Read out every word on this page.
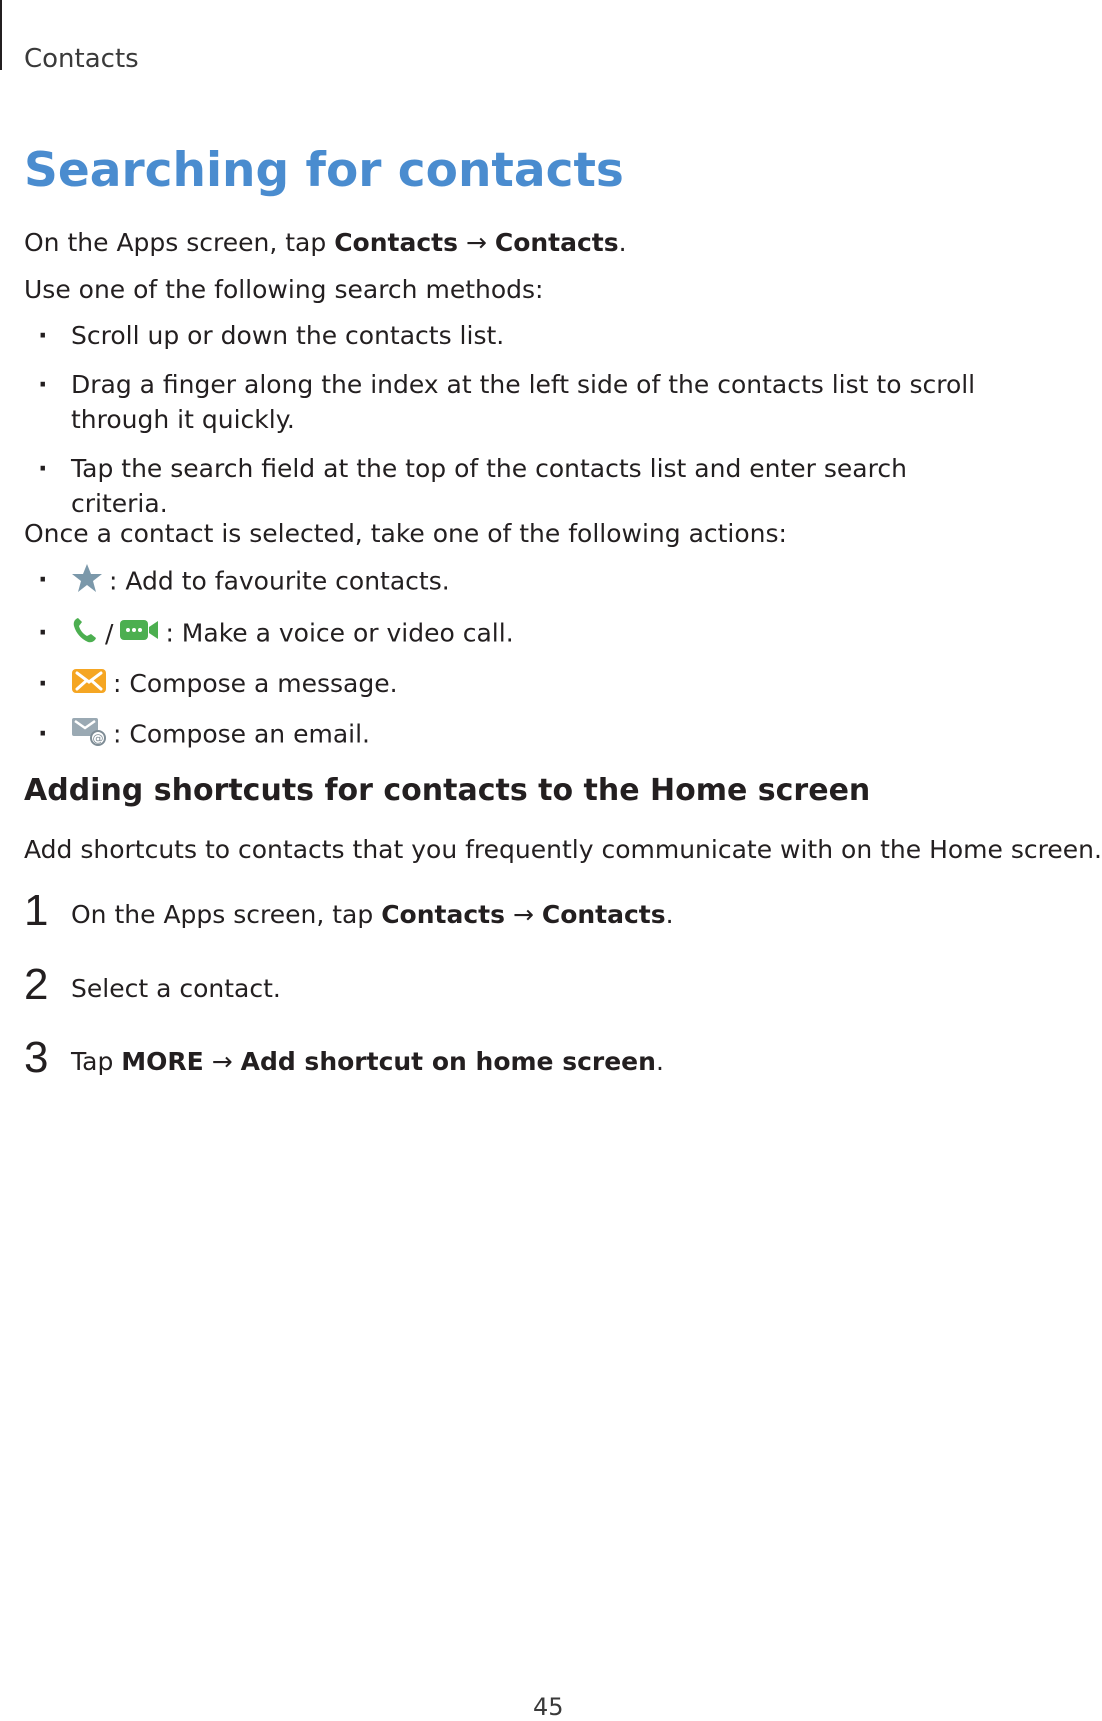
Contacts
Searching for contacts

On the Apps screen, tap Contacts → Contacts.

Use one of the following search methods:

· Scroll up or down the contacts list.
· Drag a finger along the index at the left side of the contacts list to scroll through it quickly.
· Tap the search field at the top of the contacts list and enter search criteria.

Once a contact is selected, take one of the following actions:

· : Add to favourite contacts.
· / : Make a voice or video call.
· : Compose a message.
· @ : Compose an email.
Adding shortcuts for contacts to the Home screen

Add shortcuts to contacts that you frequently communicate with on the Home screen.

1 On the Apps screen, tap Contacts → Contacts.
2 Select a contact.
3 Tap MORE → Add shortcut on home screen.
45
